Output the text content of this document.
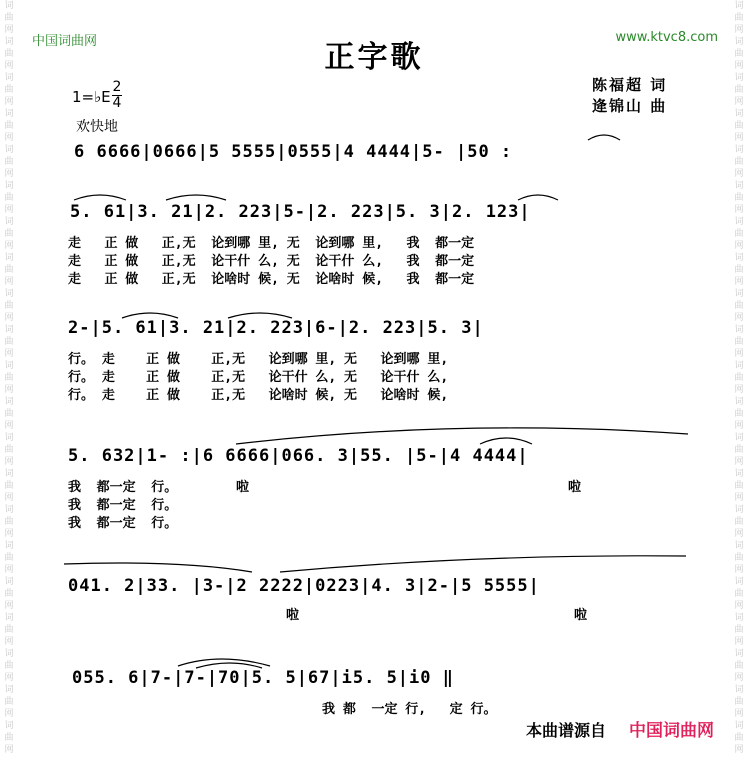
词
曲
网
词
曲
网
词
曲
网
词
曲
网
词
曲
网
词
曲
网
词
曲
网
词
曲
网
词
曲
网
词
曲
网
词
曲
网
词
曲
网
词
曲
网
词
曲
网
词
曲
网
词
曲
网
词
曲
网
词
曲
网
词
曲
网
词
曲
网
词
曲
网
词
曲
网
词
曲
网
词
曲
网
词
曲
网
词
曲
网
词
曲
网
词
曲
网
词
曲
网
词
曲
网
词
曲
网
词
曲
网
词
曲
网
词
曲
网
词
曲
网
词
曲
网
词
曲
网
词
曲
网
词
曲
网
词
曲
网
词
曲
网
词
曲
网
中国词曲网	www.ktvc8.com
正字歌
陈福超 词
逄锦山 曲
1=♭E
2
4
欢快地
6 6666|0666|5 5555|0555|4 4444|5- |50 :
5. 61|3. 21|2. 223|5-|2. 223|5. 3|2. 123|
走   正 做   正,无  论到哪 里, 无  论到哪 里,   我  都一定
走   正 做   正,无  论干什 么, 无  论干什 么,   我  都一定
走   正 做   正,无  论啥时 候, 无  论啥时 候,   我  都一定
2-|5. 61|3. 21|2. 223|6-|2. 223|5. 3|
行。 走    正 做    正,无   论到哪 里, 无   论到哪 里,
行。 走    正 做    正,无   论干什 么, 无   论干什 么,
行。 走    正 做    正,无   论啥时 候, 无   论啥时 候,
5. 632|1- :|6 6666|066. 3|55. |5-|4 4444|
我  都一定  行。
我  都一定  行。
我  都一定  行。
啦	啦
041. 2|33. |3-|2 2222|0223|4. 3|2-|5 5555|
啦	啦
055. 6|7-|7-|70|5. 5|67|i5. 5|i0 ‖
我 都  一定 行,   定 行。
本曲谱源自 中国词曲网
